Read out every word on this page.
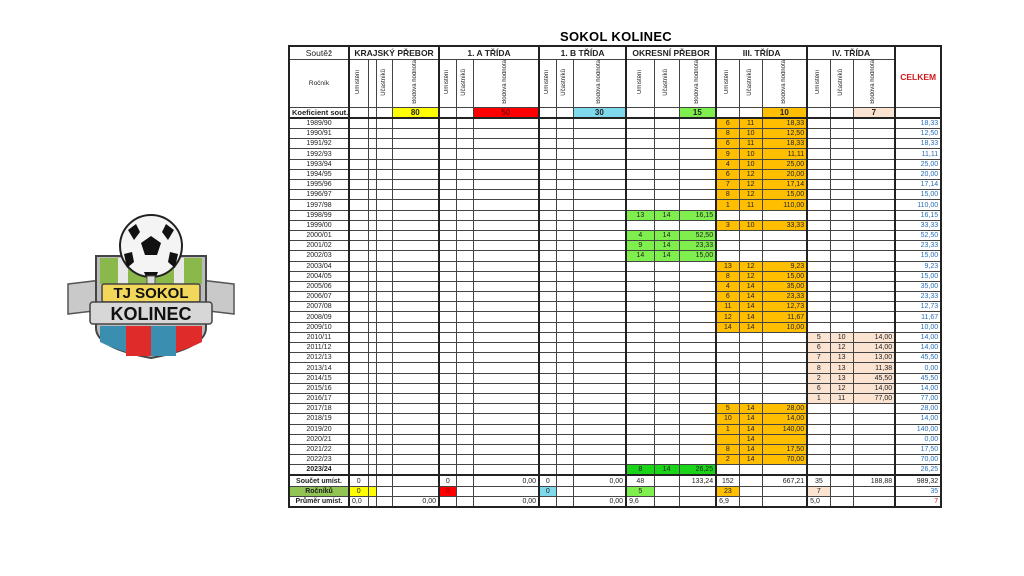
TJ SOKOL
KOLINEC
SOKOL KOLINEC
Soutěž	KRAJSKÝ PŘEBOR				1. A TŘÍDA			1. B TŘÍDA			OKRESNÍ PŘEBOR			III. TŘÍDA			IV. TŘÍDA			CELKEM
Ročník	Umístění		Účastníků	Bodová hodnota	Umístění	Účastníků	Bodová hodnota	Umístění	Účastníků	Bodová hodnota	Umístění	Účastníků	Bodová hodnota	Umístění	Účastníků	Bodová hodnota	Umístění	Účastníků	Bodová hodnota	
Koeficient sout.				80			50			30			15			10			7	
1989/90														6	11	18,33				18,33
1990/91														8	10	12,50				12,50
1991/92														6	11	18,33				18,33
1992/93														9	10	11,11				11,11
1993/94														4	10	25,00				25,00
1994/95														6	12	20,00				20,00
1995/96														7	12	17,14				17,14
1996/97														8	12	15,00				15,00
1997/98														1	11	110,00				110,00
1998/99											13	14	16,15							16,15
1999/00														3	10	33,33				33,33
2000/01											4	14	52,50							52,50
2001/02											9	14	23,33							23,33
2002/03											14	14	15,00							15,00
2003/04														13	12	9,23				9,23
2004/05														8	12	15,00				15,00
2005/06														4	14	35,00				35,00
2006/07														6	14	23,33				23,33
2007/08														11	14	12,73				12,73
2008/09														12	14	11,67				11,67
2009/10														14	14	10,00				10,00
2010/11																	5	10	14,00	14,00
2011/12																	6	12	14,00	14,00
2012/13																	7	13	13,00	45,50
2013/14																	8	13	11,38	0,00
2014/15																	2	13	45,50	45,50
2015/16																	6	12	14,00	14,00
2016/17																	1	11	77,00	77,00
2017/18														5	14	28,00				28,00
2018/19														10	14	14,00				14,00
2019/20														1	14	140,00				140,00
2020/21															14					0,00
2021/22														8	14	17,50				17,50
2022/23														2	14	70,00				70,00
2023/24											8	14	26,25							26,25
Součet umíst.	0				0		0,00	0		0,00	48		133,24	152		667,21	35		188,88	989,32
Ročníků	0				0			0			5			23			7			35
Průměr umíst.	0,0			0,00			0,00			0,00	9,6			6,9			5,0			7
